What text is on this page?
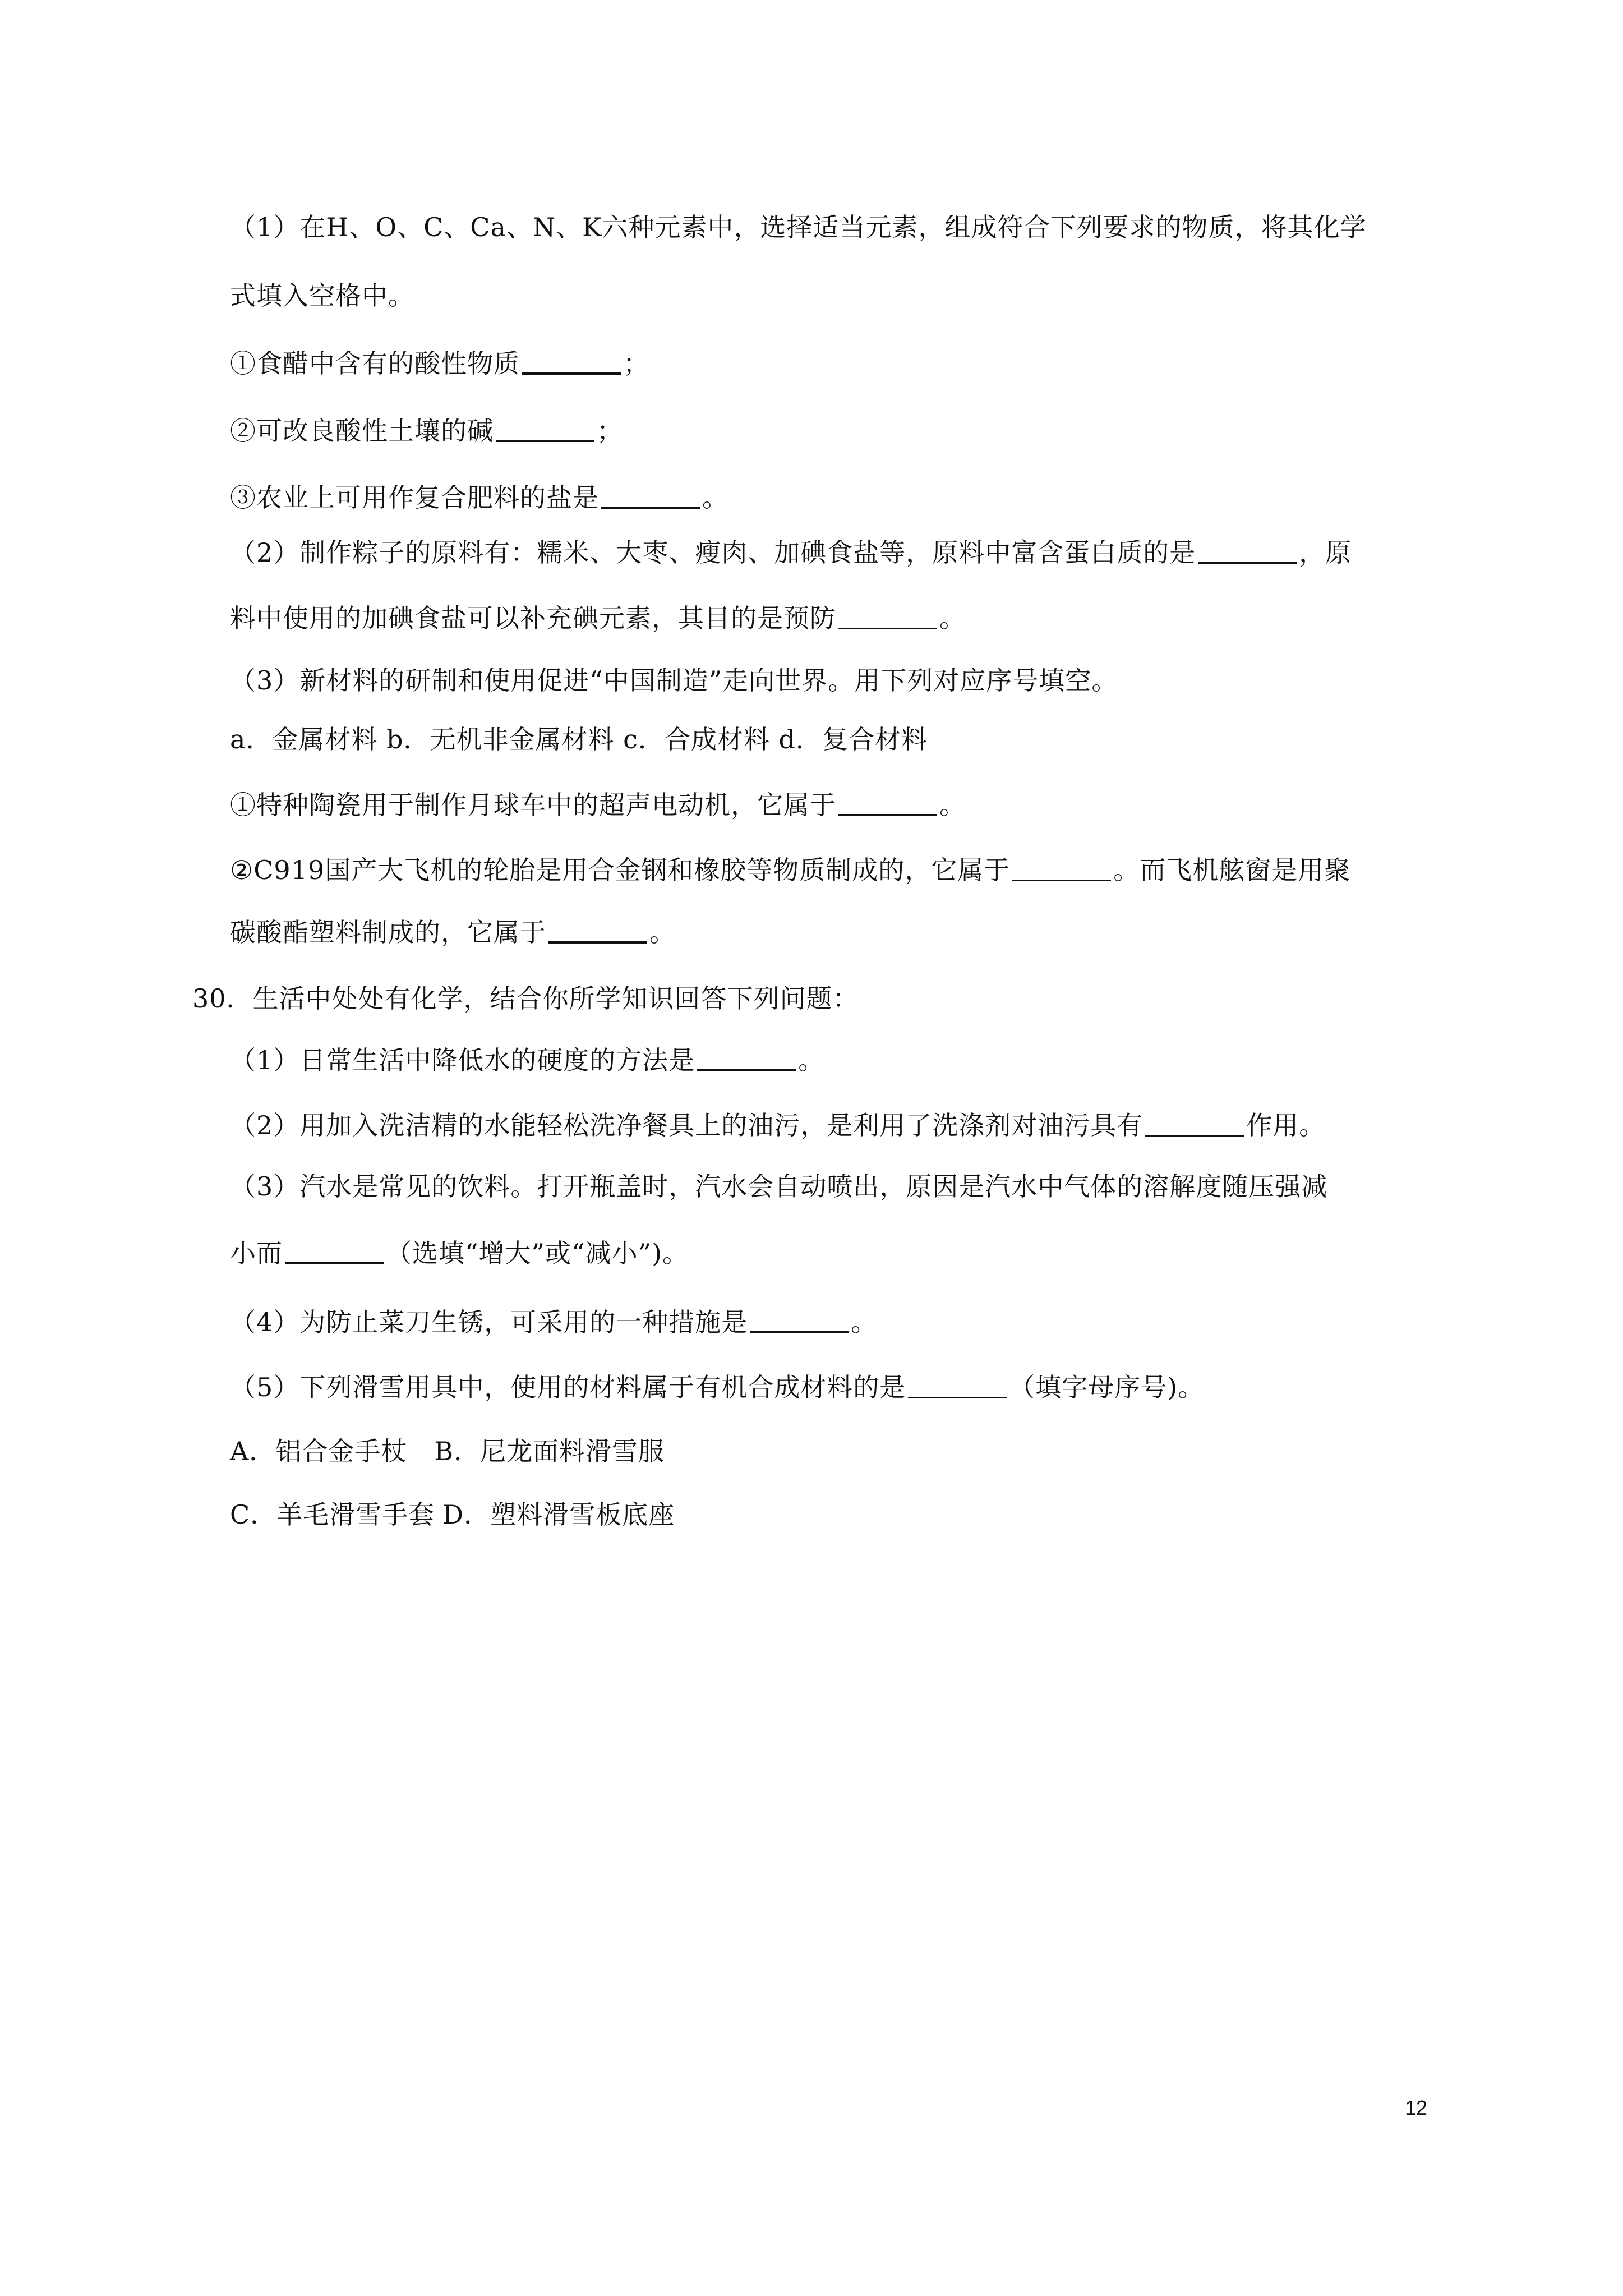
（1）在H、O、C、Ca、N、K六种元素中，选择适当元素，组成符合下列要求的物质，将其化学
式填入空格中。
①食醋中含有的酸性物质	；
②可改良酸性土壤的碱	；
③农业上可用作复合肥料的盐是	。
（2）制作粽子的原料有：糯米、大枣、瘦肉、加碘食盐等，原料中富含蛋白质的是	，原
料中使用的加碘食盐可以补充碘元素，其目的是预防	。
（3）新材料的研制和使用促进“中国制造”走向世界。用下列对应序号填空。
a．金属材料 b．无机非金属材料 c．合成材料 d．复合材料
①特种陶瓷用于制作月球车中的超声电动机，它属于	。
②C919国产大飞机的轮胎是用合金钢和橡胶等物质制成的，它属于	。而飞机舷窗是用聚
碳酸酯塑料制成的，它属于	。
30．生活中处处有化学，结合你所学知识回答下列问题：
（1）日常生活中降低水的硬度的方法是	。
（2）用加入洗洁精的水能轻松洗净餐具上的油污，是利用了洗涤剂对油污具有	作用。
（3）汽水是常见的饮料。打开瓶盖时，汽水会自动喷出，原因是汽水中气体的溶解度随压强减
小而	（选填“增大”或“减小”)。
（4）为防止菜刀生锈，可采用的一种措施是	。
（5）下列滑雪用具中，使用的材料属于有机合成材料的是	（填字母序号)。
A．铝合金手杖 B．尼龙面料滑雪服
C．羊毛滑雪手套 D．塑料滑雪板底座
12
